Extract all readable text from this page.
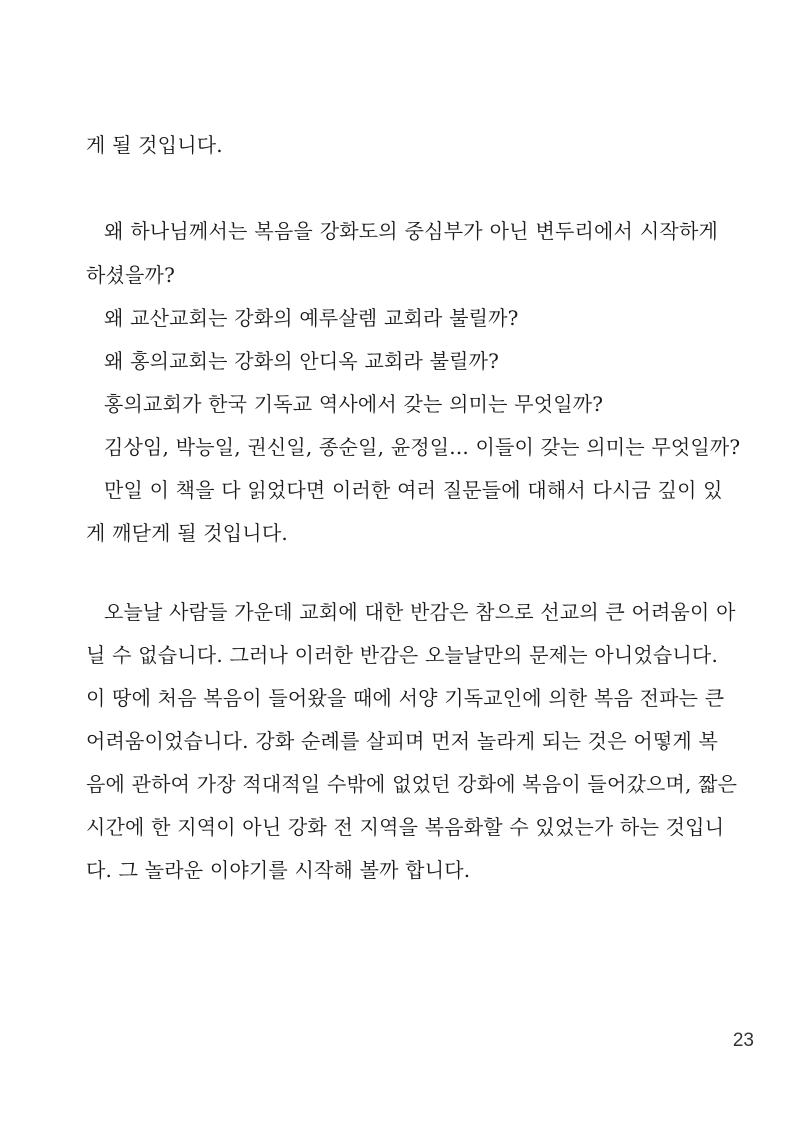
게 될 것입니다.
왜 하나님께서는 복음을 강화도의 중심부가 아닌 변두리에서 시작하게
하셨을까?
왜 교산교회는 강화의 예루살렘 교회라 불릴까?
왜 홍의교회는 강화의 안디옥 교회라 불릴까?
홍의교회가 한국 기독교 역사에서 갖는 의미는 무엇일까?
김상임, 박능일, 권신일, 종순일, 윤정일... 이들이 갖는 의미는 무엇일까?
만일 이 책을 다 읽었다면 이러한 여러 질문들에 대해서 다시금 깊이 있
게 깨닫게 될 것입니다.
오늘날 사람들 가운데 교회에 대한 반감은 참으로 선교의 큰 어려움이 아
닐 수 없습니다. 그러나 이러한 반감은 오늘날만의 문제는 아니었습니다.
이 땅에 처음 복음이 들어왔을 때에 서양 기독교인에 의한 복음 전파는 큰
어려움이었습니다. 강화 순례를 살피며 먼저 놀라게 되는 것은 어떻게 복
음에 관하여 가장 적대적일 수밖에 없었던 강화에 복음이 들어갔으며, 짧은
시간에 한 지역이 아닌 강화 전 지역을 복음화할 수 있었는가 하는 것입니
다. 그 놀라운 이야기를 시작해 볼까 합니다.
23
